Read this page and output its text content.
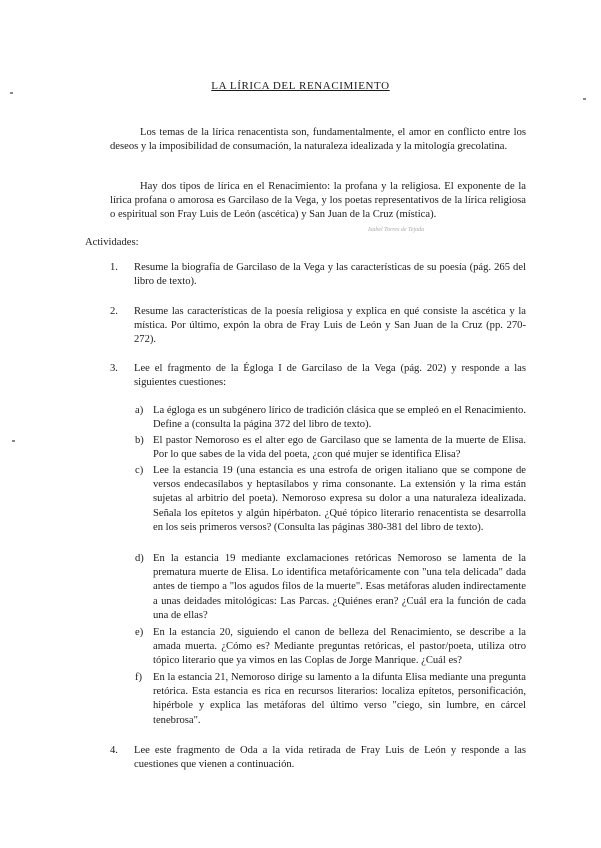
LA LÍRICA DEL RENACIMIENTO
Los temas de la lírica renacentista son, fundamentalmente, el amor en conflicto entre los deseos y la imposibilidad de consumación, la naturaleza idealizada y la mitología grecolatina.
Hay dos tipos de lírica en el Renacimiento: la profana y la religiosa. El exponente de la lírica profana o amorosa es Garcilaso de la Vega, y los poetas representativos de la lírica religiosa o espiritual son Fray Luis de León (ascética) y San Juan de la Cruz (mística).
Isabel Torres de Tejada
Actividades:
1. Resume la biografía de Garcilaso de la Vega y las características de su poesía (pág. 265 del libro de texto).
2. Resume las características de la poesía religiosa y explica en qué consiste la ascética y la mística. Por último, expón la obra de Fray Luis de León y San Juan de la Cruz (pp. 270-272).
3. Lee el fragmento de la Égloga I de Garcilaso de la Vega (pág. 202) y responde a las siguientes cuestiones:
a) La égloga es un subgénero lírico de tradición clásica que se empleó en el Renacimiento. Define a (consulta la página 372 del libro de texto).
b) El pastor Nemoroso es el alter ego de Garcilaso que se lamenta de la muerte de Elisa. Por lo que sabes de la vida del poeta, ¿con qué mujer se identifica Elisa?
c) Lee la estancia 19 (una estancia es una estrofa de origen italiano que se compone de versos endecasílabos y heptasílabos y rima consonante. La extensión y la rima están sujetas al arbitrio del poeta). Nemoroso expresa su dolor a una naturaleza idealizada. Señala los epítetos y algún hipérbaton. ¿Qué tópico literario renacentista se desarrolla en los seis primeros versos? (Consulta las páginas 380-381 del libro de texto).
d) En la estancia 19 mediante exclamaciones retóricas Nemoroso se lamenta de la prematura muerte de Elisa. Lo identifica metafóricamente con "una tela delicada" dada antes de tiempo a "los agudos filos de la muerte". Esas metáforas aluden indirectamente a unas deidades mitológicas: Las Parcas. ¿Quiénes eran? ¿Cuál era la función de cada una de ellas?
e) En la estancia 20, siguiendo el canon de belleza del Renacimiento, se describe a la amada muerta. ¿Cómo es? Mediante preguntas retóricas, el pastor/poeta, utiliza otro tópico literario que ya vimos en las Coplas de Jorge Manrique. ¿Cuál es?
f) En la estancia 21, Nemoroso dirige su lamento a la difunta Elisa mediante una pregunta retórica. Esta estancia es rica en recursos literarios: localiza epítetos, personificación, hipérbole y explica las metáforas del último verso "ciego, sin lumbre, en cárcel tenebrosa".
4. Lee este fragmento de Oda a la vida retirada de Fray Luis de León y responde a las cuestiones que vienen a continuación.
